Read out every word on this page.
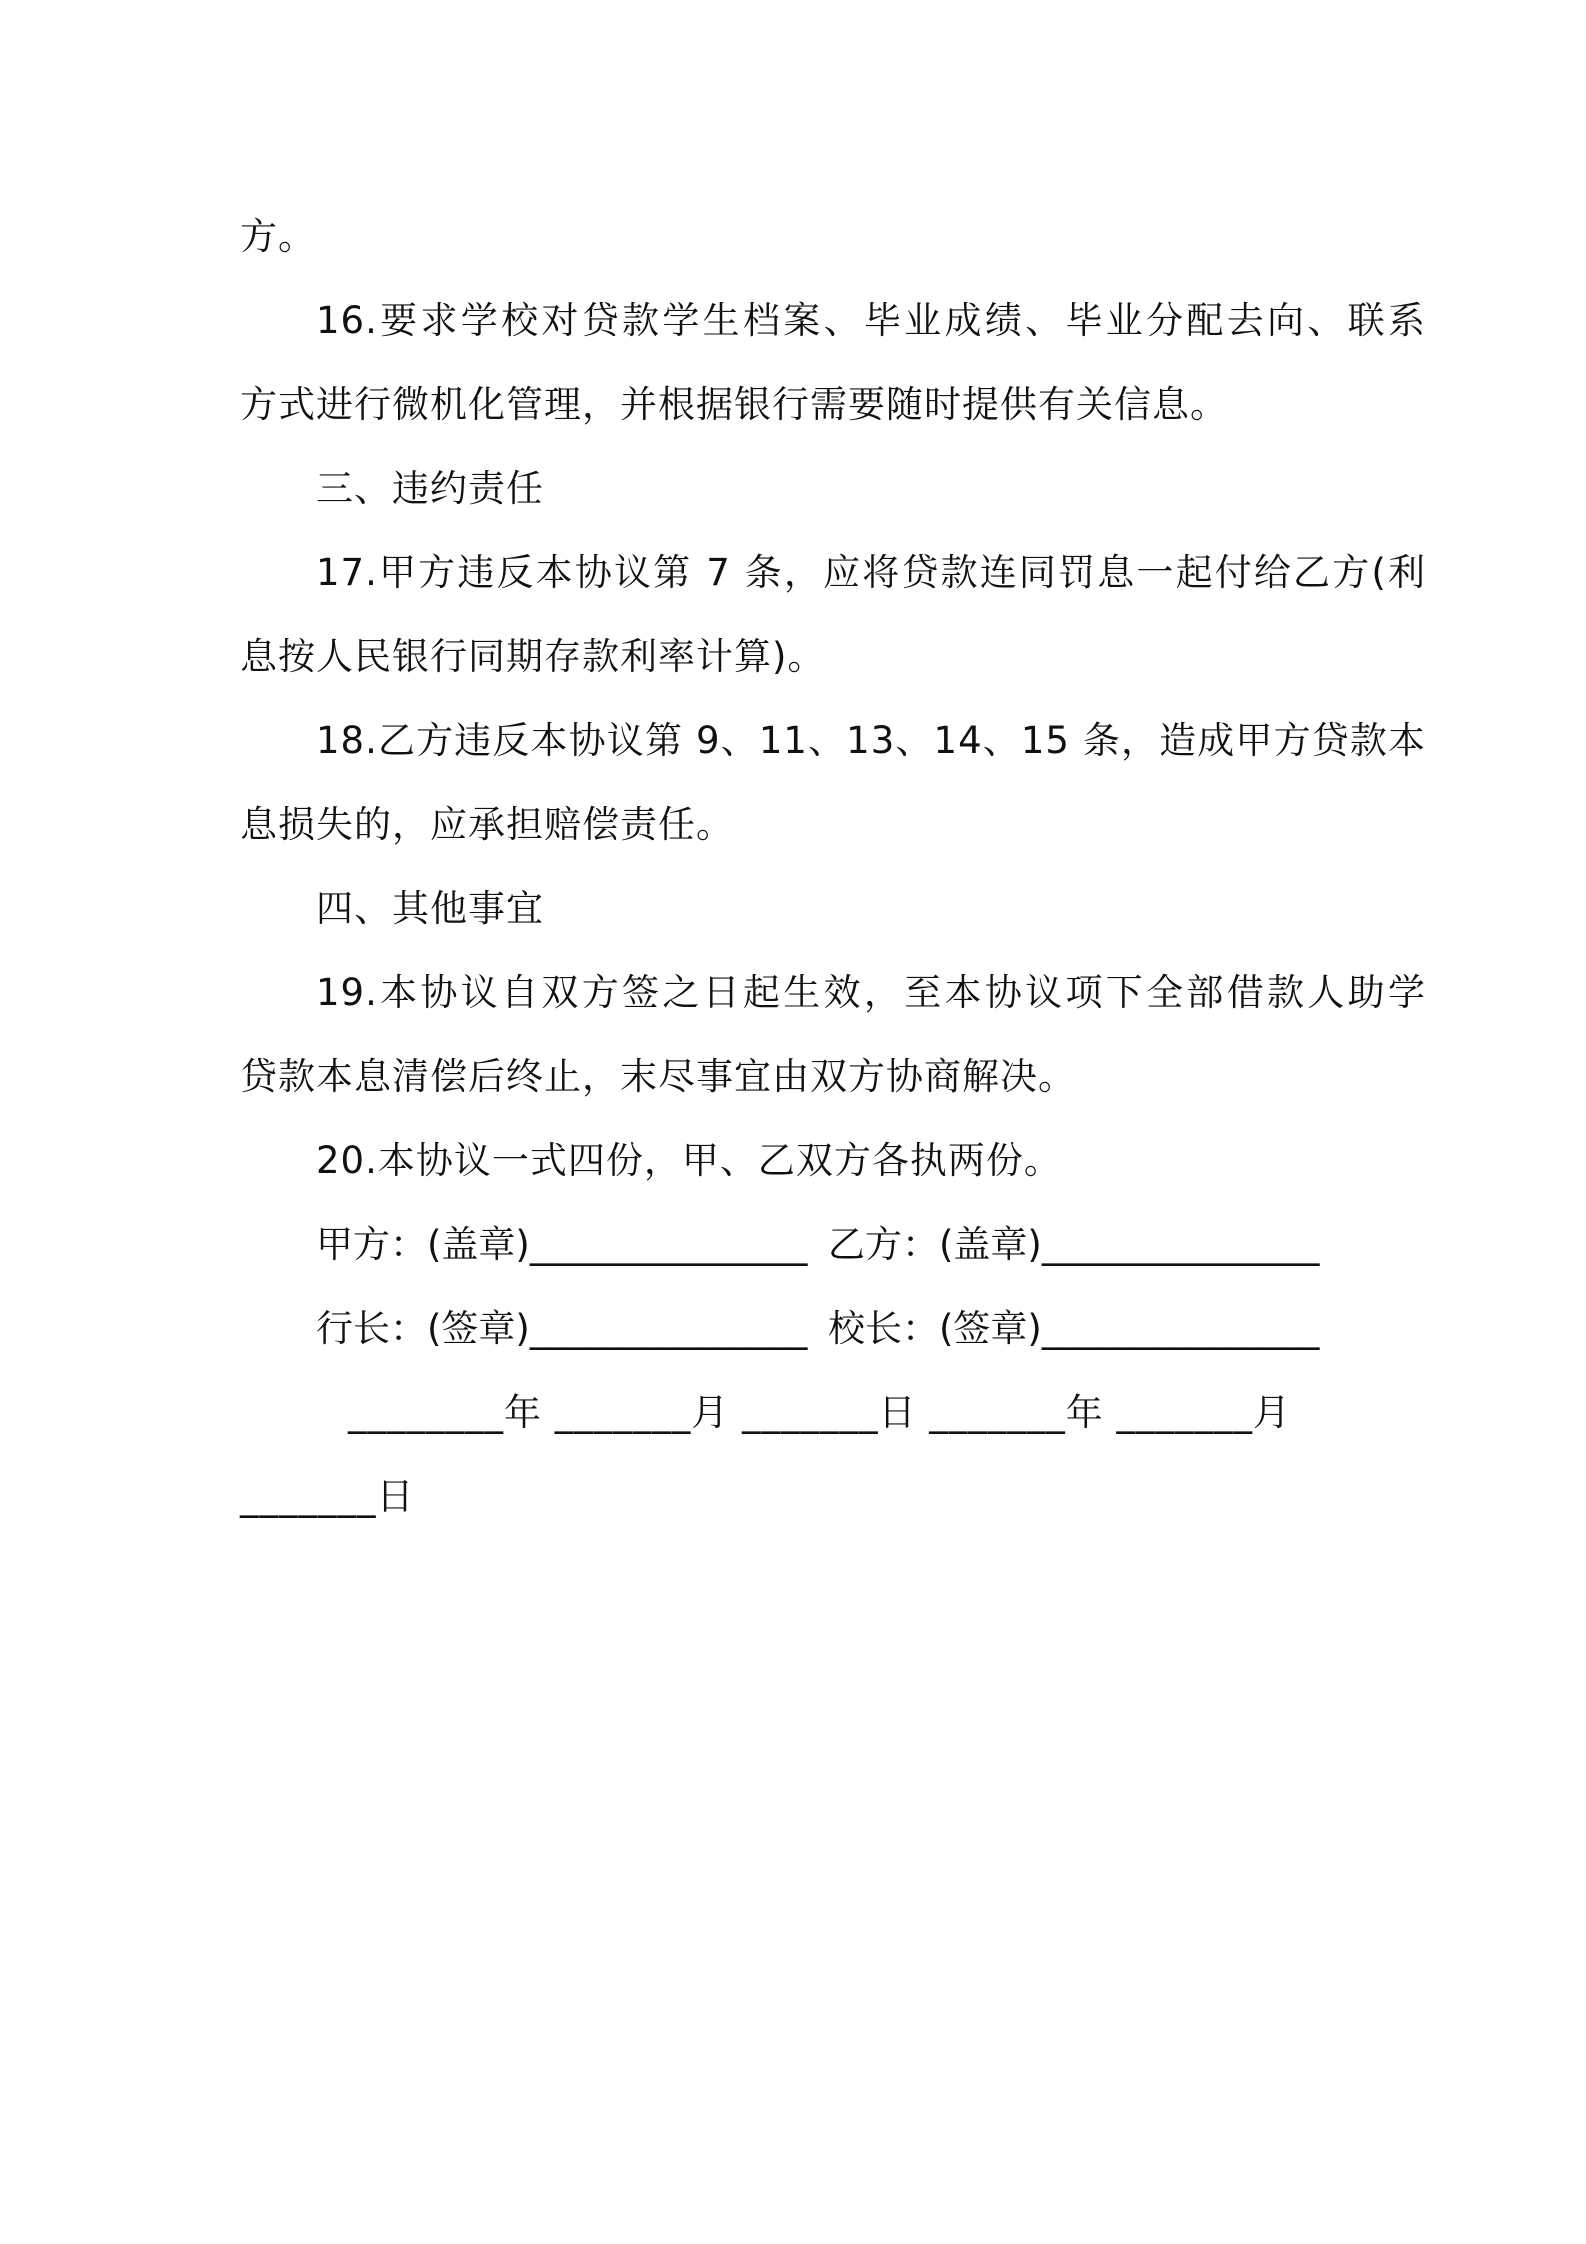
方。
16.要求学校对贷款学生档案、毕业成绩、毕业分配去向、联系
方式进行微机化管理，并根据银行需要随时提供有关信息。
三、违约责任
17.甲方违反本协议第 7 条，应将贷款连同罚息一起付给乙方(利
息按人民银行同期存款利率计算)。
18.乙方违反本协议第 9、11、13、14、15 条，造成甲方贷款本
息损失的，应承担赔偿责任。
四、其他事宜
19.本协议自双方签之日起生效，至本协议项下全部借款人助学
贷款本息清偿后终止，末尽事宜由双方协商解决。
20.本协议一式四份，甲、乙双方各执两份。
甲方：(盖章)_______________ 乙方：(盖章)_______________
行长：(签章)_______________ 校长：(签章)_______________
________年 _______月 _______日 _______年 _______月
_______日
